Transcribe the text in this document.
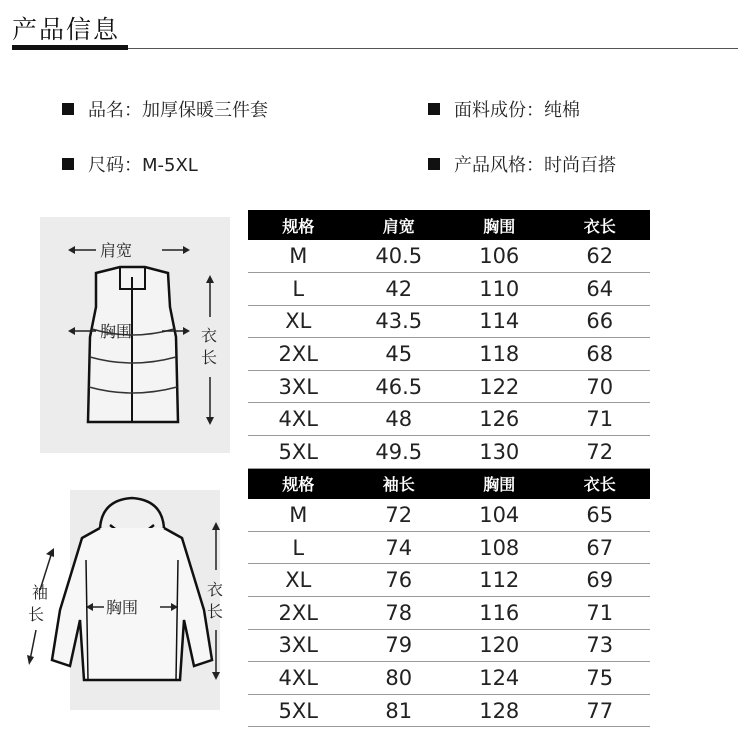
产品信息
品名：加厚保暖三件套	面料成份：纯棉
尺码：M-5XL	产品风格：时尚百搭
肩宽
胸围	衣
长
袖
长	胸围
衣
长
规格	肩宽	胸围	衣长
M	40.5	106	62
L	42	110	64
XL	43.5	114	66
2XL	45	118	68
3XL	46.5	122	70
4XL	48	126	71
5XL	49.5	130	72
规格	袖长	胸围	衣长
M	72	104	65
L	74	108	67
XL	76	112	69
2XL	78	116	71
3XL	79	120	73
4XL	80	124	75
5XL	81	128	77
